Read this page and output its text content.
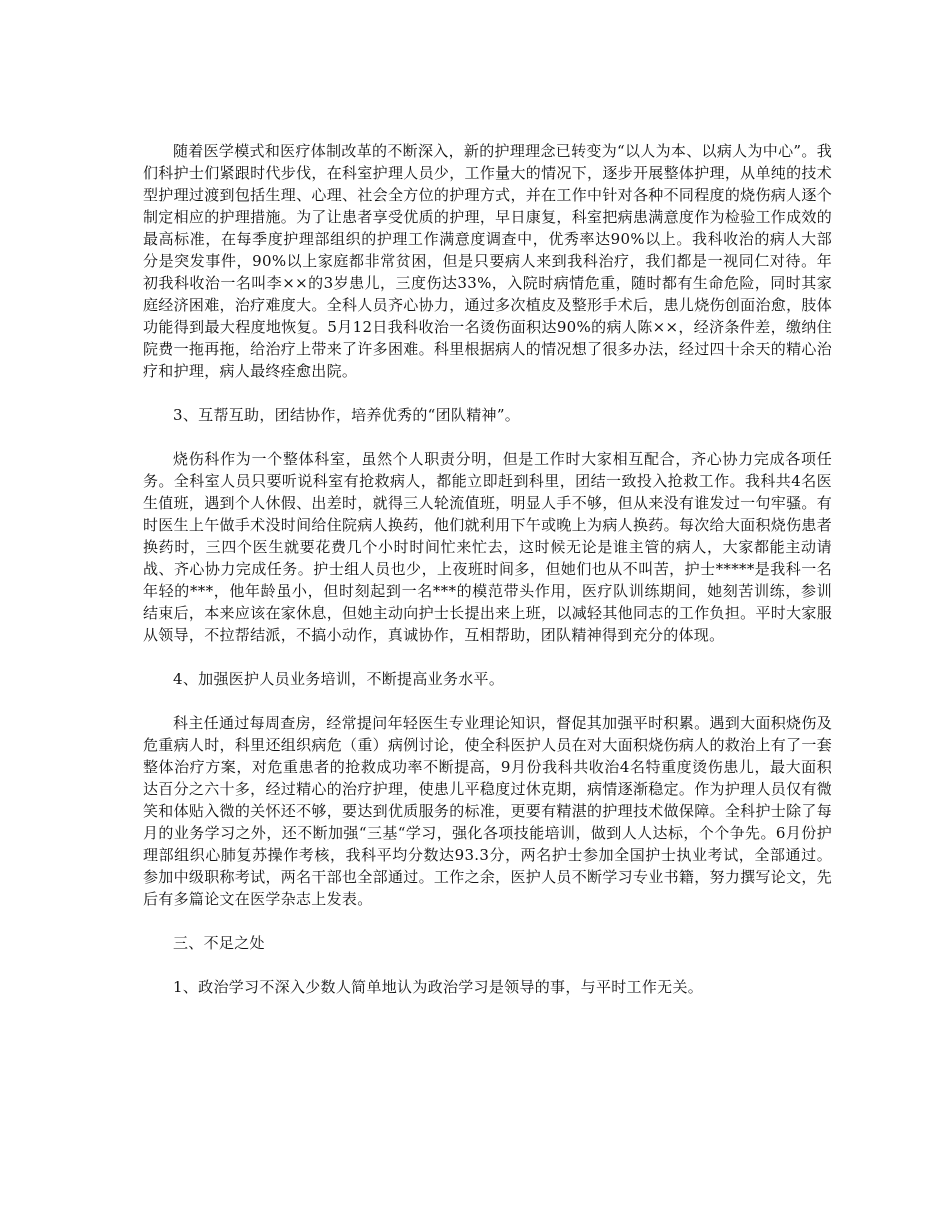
随着医学模式和医疗体制改革的不断深入，新的护理理念已转变为“以人为本、以病人为中心”。我们科护士们紧跟时代步伐，在科室护理人员少，工作量大的情况下，逐步开展整体护理，从单纯的技术型护理过渡到包括生理、心理、社会全方位的护理方式，并在工作中针对各种不同程度的烧伤病人逐个制定相应的护理措施。为了让患者享受优质的护理，早日康复，科室把病患满意度作为检验工作成效的最高标准，在每季度护理部组织的护理工作满意度调查中，优秀率达90%以上。我科收治的病人大部分是突发事件，90%以上家庭都非常贫困，但是只要病人来到我科治疗，我们都是一视同仁对待。年初我科收治一名叫李××的3岁患儿，三度伤达33%，入院时病情危重，随时都有生命危险，同时其家庭经济困难，治疗难度大。全科人员齐心协力，通过多次植皮及整形手术后，患儿烧伤创面治愈，肢体功能得到最大程度地恢复。5月12日我科收治一名烫伤面积达90%的病人陈××，经济条件差，缴纳住院费一拖再拖，给治疗上带来了许多困难。科里根据病人的情况想了很多办法，经过四十余天的精心治疗和护理，病人最终痊愈出院。

3、互帮互助，团结协作，培养优秀的“团队精神”。

烧伤科作为一个整体科室，虽然个人职责分明，但是工作时大家相互配合，齐心协力完成各项任务。全科室人员只要听说科室有抢救病人，都能立即赶到科里，团结一致投入抢救工作。我科共4名医生值班，遇到个人休假、出差时，就得三人轮流值班，明显人手不够，但从来没有谁发过一句牢骚。有时医生上午做手术没时间给住院病人换药，他们就利用下午或晚上为病人换药。每次给大面积烧伤患者换药时，三四个医生就要花费几个小时时间忙来忙去，这时候无论是谁主管的病人，大家都能主动请战、齐心协力完成任务。护士组人员也少，上夜班时间多，但她们也从不叫苦，护士*****是我科一名年轻的***，他年龄虽小，但时刻起到一名***的模范带头作用，医疗队训练期间，她刻苦训练，参训结束后，本来应该在家休息，但她主动向护士长提出来上班，以减轻其他同志的工作负担。平时大家服从领导，不拉帮结派，不搞小动作，真诚协作，互相帮助，团队精神得到充分的体现。

4、加强医护人员业务培训，不断提高业务水平。

科主任通过每周查房，经常提问年轻医生专业理论知识，督促其加强平时积累。遇到大面积烧伤及危重病人时，科里还组织病危（重）病例讨论，使全科医护人员在对大面积烧伤病人的救治上有了一套整体治疗方案，对危重患者的抢救成功率不断提高，9月份我科共收治4名特重度烫伤患儿，最大面积达百分之六十多，经过精心的治疗护理，使患儿平稳度过休克期，病情逐渐稳定。作为护理人员仅有微笑和体贴入微的关怀还不够，要达到优质服务的标准，更要有精湛的护理技术做保障。全科护士除了每月的业务学习之外，还不断加强“三基“学习，强化各项技能培训，做到人人达标，个个争先。6月份护理部组织心肺复苏操作考核，我科平均分数达93.3分，两名护士参加全国护士执业考试，全部通过。参加中级职称考试，两名干部也全部通过。工作之余，医护人员不断学习专业书籍，努力撰写论文，先后有多篇论文在医学杂志上发表。

三、不足之处

1、政治学习不深入少数人简单地认为政治学习是领导的事，与平时工作无关。
